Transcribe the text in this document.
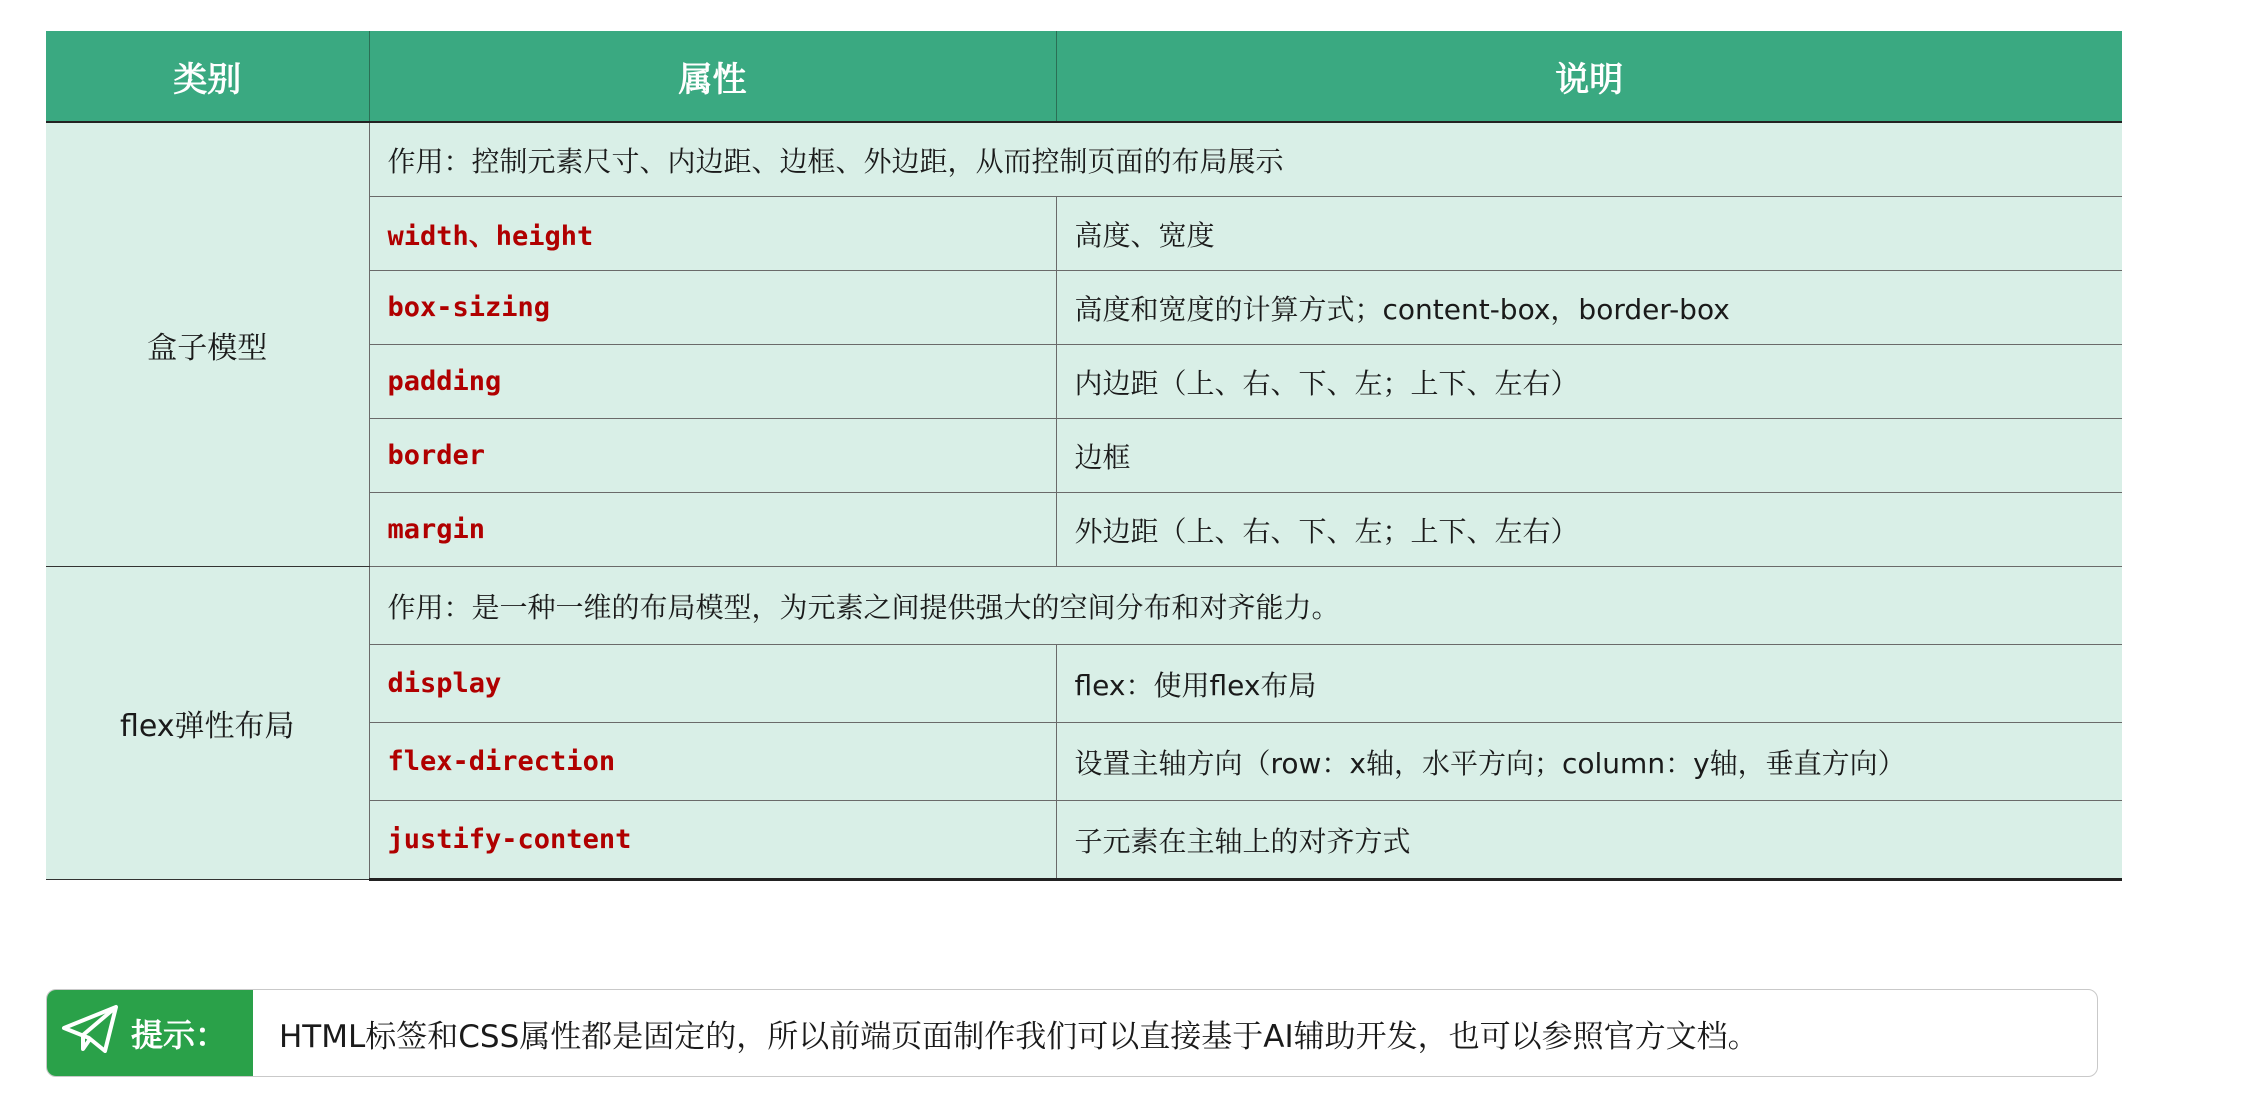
类别	属性	说明
盒子模型	作用：控制元素尺寸、内边距、边框、外边距，从而控制页面的布局展示	
	width、height	高度、宽度
	box-sizing	高度和宽度的计算方式；content-box，border-box
	padding	内边距（上、右、下、左；上下、左右）
	border	边框
	margin	外边距（上、右、下、左；上下、左右）
flex弹性布局	作用：是一种一维的布局模型，为元素之间提供强大的空间分布和对齐能力。	
	display	flex：使用flex布局
	flex-direction	设置主轴方向（row：x轴，水平方向；column：y轴，垂直方向）
	justify-content	子元素在主轴上的对齐方式
提示：	HTML标签和CSS属性都是固定的，所以前端页面制作我们可以直接基于AI辅助开发，也可以参照官方文档。
